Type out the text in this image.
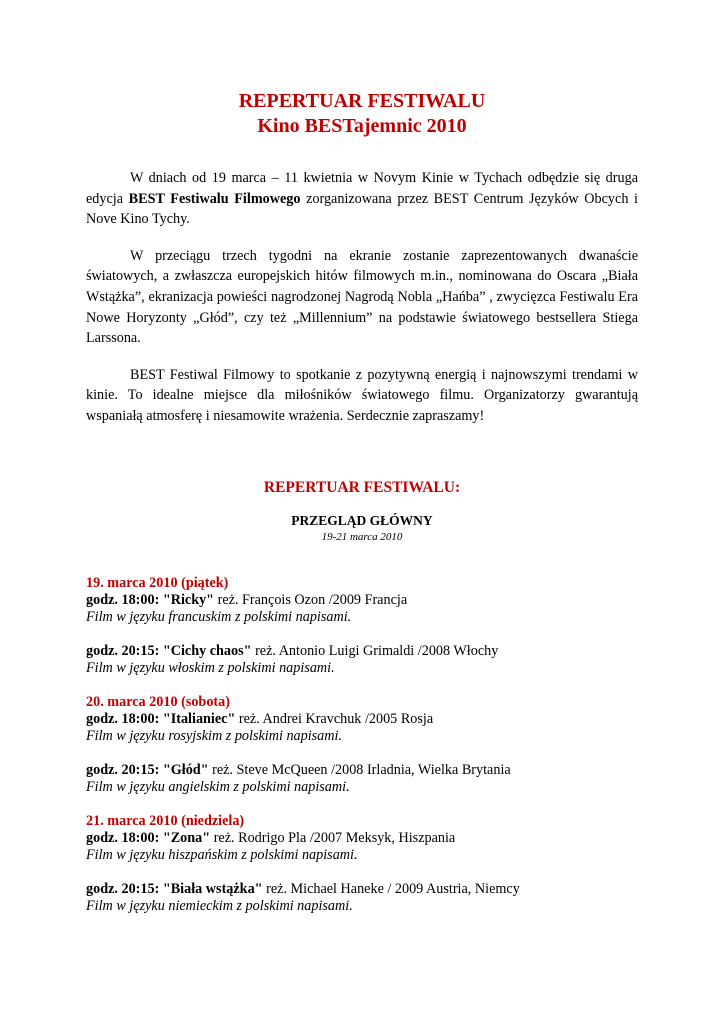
REPERTUAR FESTIWALU
Kino BESTajemnic 2010

W dniach od 19 marca – 11 kwietnia w Novym Kinie w Tychach odbędzie się druga edycja BEST Festiwalu Filmowego zorganizowana przez BEST Centrum Języków Obcych i Nove Kino Tychy.

W przeciągu trzech tygodni na ekranie zostanie zaprezentowanych dwanaście światowych, a zwłaszcza europejskich hitów filmowych m.in., nominowana do Oscara „Biała Wstążka”, ekranizacja powieści nagrodzonej Nagrodą Nobla „Hańba” , zwycięzca Festiwalu Era Nowe Horyzonty „Głód”, czy też „Millennium” na podstawie światowego bestsellera Stiega Larssona.

BEST Festiwal Filmowy to spotkanie z pozytywną energią i najnowszymi trendami w kinie. To idealne miejsce dla miłośników światowego filmu. Organizatorzy gwarantują wspaniałą atmosferę i niesamowite wrażenia. Serdecznie zapraszamy!

REPERTUAR FESTIWALU:
PRZEGLĄD GŁÓWNY
19-21 marca 2010
19. marca 2010 (piątek)
godz. 18:00: "Ricky" reż. François Ozon /2009 Francja
Film w języku francuskim z polskimi napisami.
godz. 20:15: "Cichy chaos" reż. Antonio Luigi Grimaldi /2008 Włochy
Film w języku włoskim z polskimi napisami.
20. marca 2010 (sobota)
godz. 18:00: "Italianiec" reż. Andrei Kravchuk /2005 Rosja
Film w języku rosyjskim z polskimi napisami.
godz. 20:15: "Głód" reż. Steve McQueen /2008 Irladnia, Wielka Brytania
Film w języku angielskim z polskimi napisami.
21. marca 2010 (niedziela)
godz. 18:00: "Zona" reż. Rodrigo Pla /2007 Meksyk, Hiszpania
Film w języku hiszpańskim z polskimi napisami.
godz. 20:15: "Biała wstążka" reż. Michael Haneke / 2009 Austria, Niemcy
Film w języku niemieckim z polskimi napisami.
